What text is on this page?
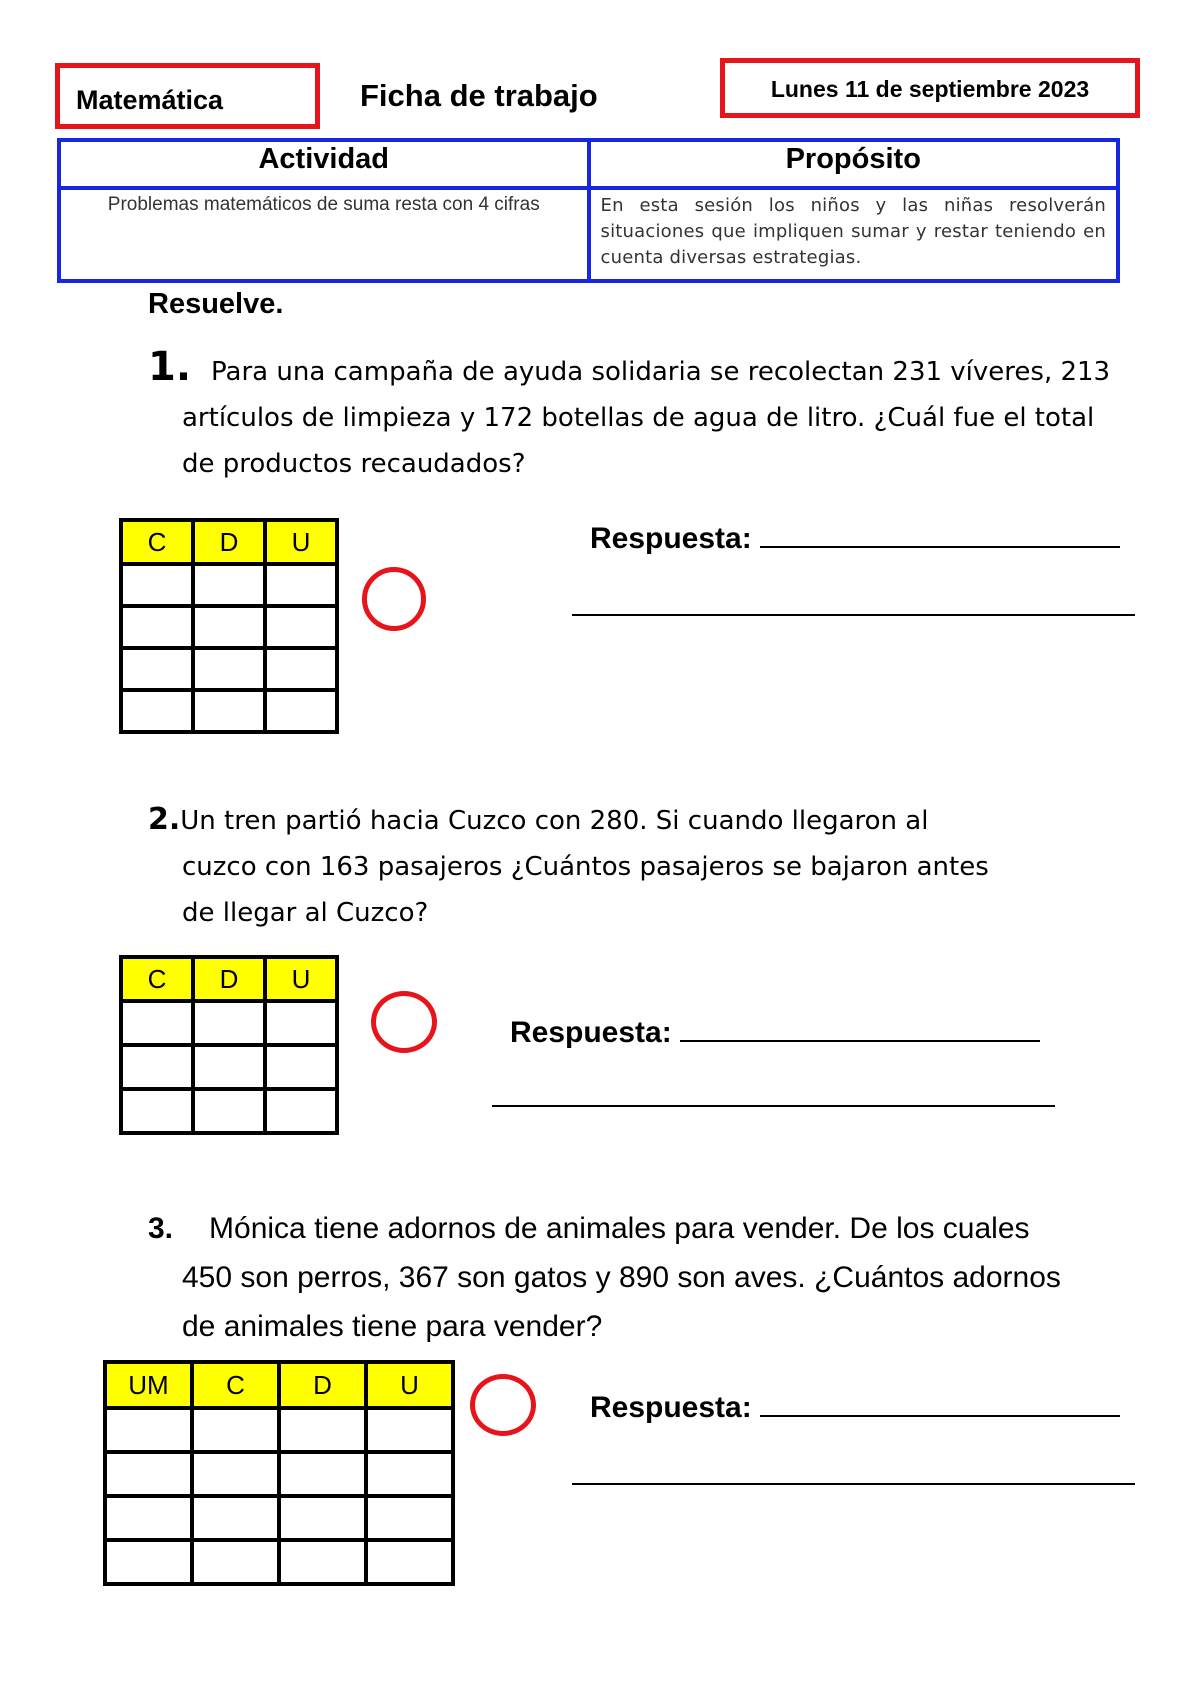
Matemática	Ficha de trabajo	Lunes 11 de septiembre 2023
Actividad	Propósito
Problemas matemáticos de suma resta con 4 cifras	En esta sesión los niños y las niñas resolverán situaciones que impliquen sumar y restar teniendo en cuenta diversas estrategias.
Resuelve.
1. Para una campaña de ayuda solidaria se recolectan 231 víveres, 213
artículos de limpieza y 172 botellas de agua de litro. ¿Cuál fue el total
de productos recaudados?
C	D	U

			Respuesta:
2.Un tren partió hacia Cuzco con 280. Si cuando llegaron al
cuzco con 163 pasajeros ¿Cuántos pasajeros se bajaron antes
de llegar al Cuzco?
C	D	U

Respuesta:
3. Mónica tiene adornos de animales para vender. De los cuales
450 son perros, 367 son gatos y 890 son aves. ¿Cuántos adornos
de animales tiene para vender?
UM	C	D	U

Respuesta:
